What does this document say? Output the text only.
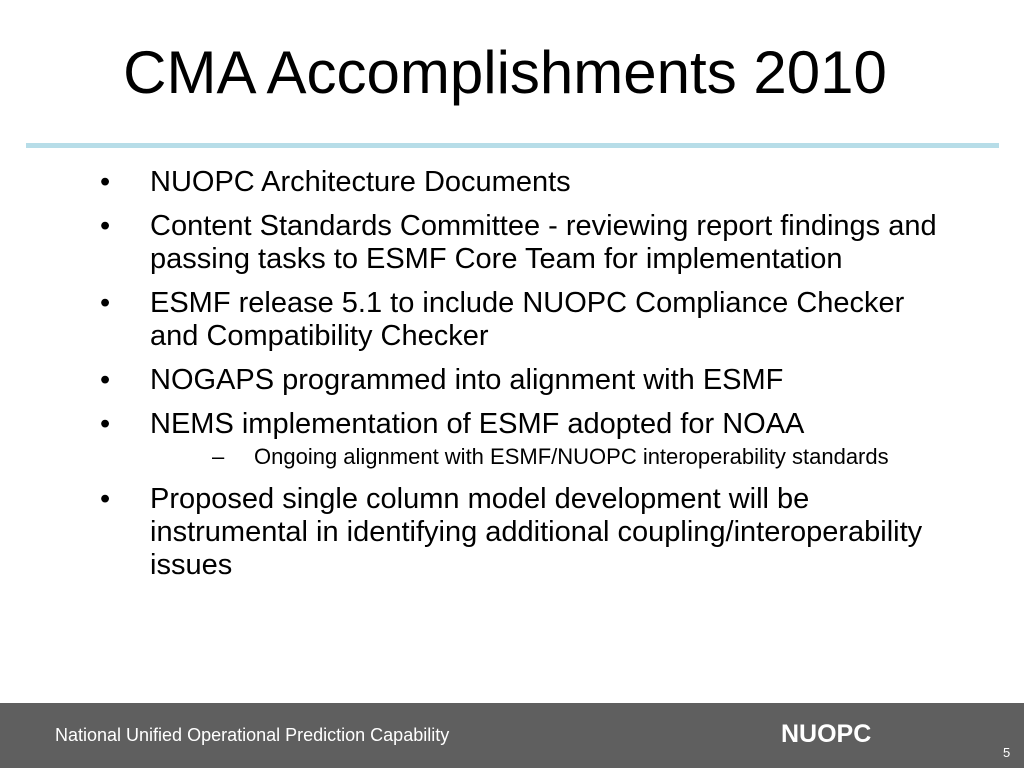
CMA Accomplishments 2010
•	NUOPC Architecture Documents
•	Content Standards Committee - reviewing report findings and passing tasks to ESMF Core Team for implementation
•	ESMF release 5.1 to include NUOPC Compliance Checker and Compatibility Checker
•	NOGAPS programmed into alignment with ESMF
•	NEMS implementation of ESMF adopted for NOAA
– Ongoing alignment with ESMF/NUOPC interoperability standards
•	Proposed single column model development will be instrumental in identifying additional coupling/interoperability issues
National Unified Operational Prediction Capability	NUOPC
5
